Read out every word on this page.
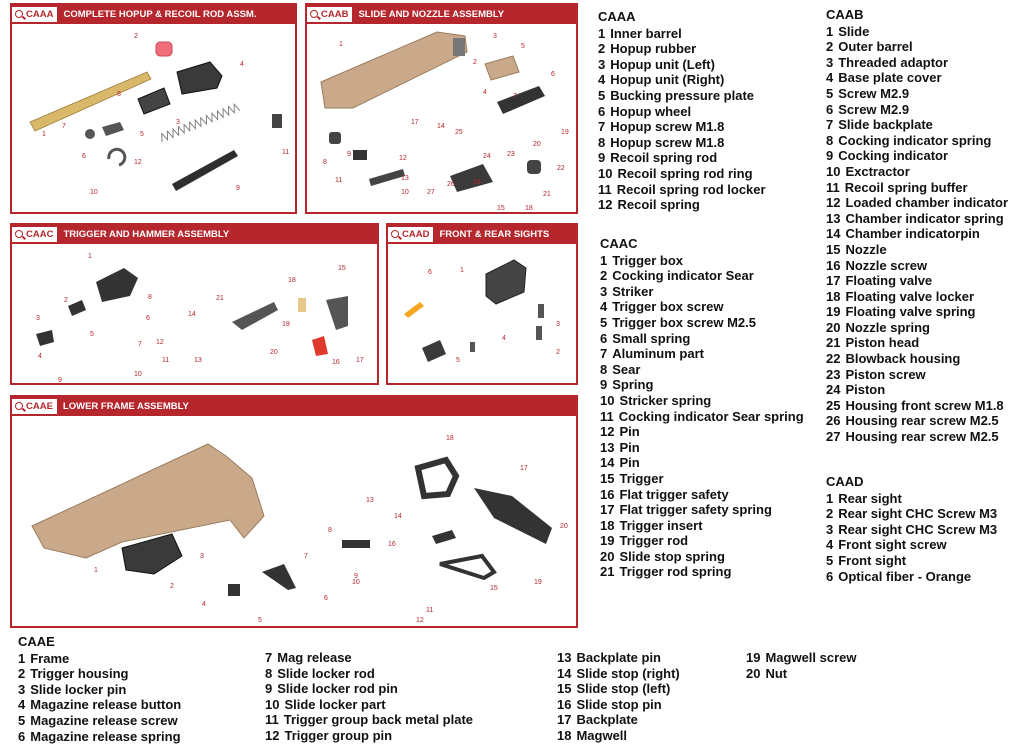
CAAA COMPLETE HOPUP & RECOIL ROD ASSM.
1
2
3
4
5
6
7
8
9
10
11
12
CAAB SLIDE AND NOZZLE ASSEMBLY
1
2
3
4
5
6
7
8
9
10
11
12
13
14
15
16
17
18
19
20
21
22
23
24
25
26
27
CAAC TRIGGER AND HAMMER ASSEMBLY
1
2
3
4
5
6
7
8
9
10
11
12
13
14
15
16 17
18
19
20
21
CAAD FRONT & REAR SIGHTS
1
2
3
4
5
6
CAAE LOWER FRAME ASSEMBLY
1
2
3
4
5
6
7
8
9
10
11
12
13
14
15
16
17
18
19
20
CAAA
1 Inner barrel
2 Hopup rubber
3 Hopup unit (Left)
4 Hopup unit (Right)
5 Bucking pressure plate
6 Hopup wheel
7 Hopup screw M1.8
8 Hopup screw M1.8
9 Recoil spring rod
10 Recoil spring rod ring
11 Recoil spring rod locker
12 Recoil spring
CAAB
1 Slide
2 Outer barrel
3 Threaded adaptor
4 Base plate cover
5 Screw M2.9
6 Screw M2.9
7 Slide backplate
8 Cocking indicator spring
9 Cocking indicator
10 Exctractor
11 Recoil spring buffer
12 Loaded chamber indicator
13 Chamber indicator spring
14 Chamber indicatorpin
15 Nozzle
16 Nozzle screw
17 Floating valve
18 Floating valve locker
19 Floating valve spring
20 Nozzle spring
21 Piston head
22 Blowback housing
23 Piston screw
24 Piston
25 Housing front screw M1.8
26 Housing rear screw M2.5
27 Housing rear screw M2.5
CAAC
1 Trigger box
2 Cocking indicator Sear
3 Striker
4 Trigger box screw
5 Trigger box screw M2.5
6 Small spring
7 Aluminum part
8 Sear
9 Spring
10 Stricker spring
11 Cocking indicator Sear spring
12 Pin
13 Pin
14 Pin
15 Trigger
16 Flat trigger safety
17 Flat trigger safety spring
18 Trigger insert
19 Trigger rod
20 Slide stop spring
21 Trigger rod spring
CAAD
1 Rear sight
2 Rear sight CHC Screw M3
3 Rear sight CHC Screw M3
4 Front sight screw
5 Front sight
6 Optical fiber - Orange
CAAE
1 Frame
2 Trigger housing
3 Slide locker pin
4 Magazine release button
5 Magazine release screw
6 Magazine release spring
7 Mag release
8 Slide locker rod
9 Slide locker rod pin
10 Slide locker part
11 Trigger group back metal plate
12 Trigger group pin
13 Backplate pin
14 Slide stop (right)
15 Slide stop (left)
16 Slide stop pin
17 Backplate
18 Magwell
19 Magwell screw
20 Nut
